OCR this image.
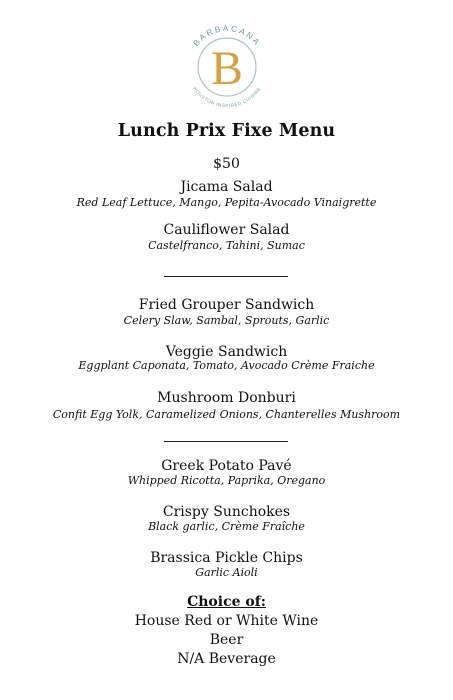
BARBACANA
HOUSTON INSPIRED CUISINE
B
Lunch Prix Fixe Menu
$50
Jicama Salad
Red Leaf Lettuce, Mango, Pepita-Avocado Vinaigrette
Cauliflower Salad
Castelfranco, Tahini, Sumac
Fried Grouper Sandwich
Celery Slaw, Sambal, Sprouts, Garlic
Veggie Sandwich
Eggplant Caponata, Tomato, Avocado Crème Fraiche
Mushroom Donburi
Confit Egg Yolk, Caramelized Onions, Chanterelles Mushroom
Greek Potato Pavé
Whipped Ricotta, Paprika, Oregano
Crispy Sunchokes
Black garlic, Crème Fraîche
Brassica Pickle Chips
Garlic Aioli
Choice of:
House Red or White Wine
Beer
N/A Beverage
